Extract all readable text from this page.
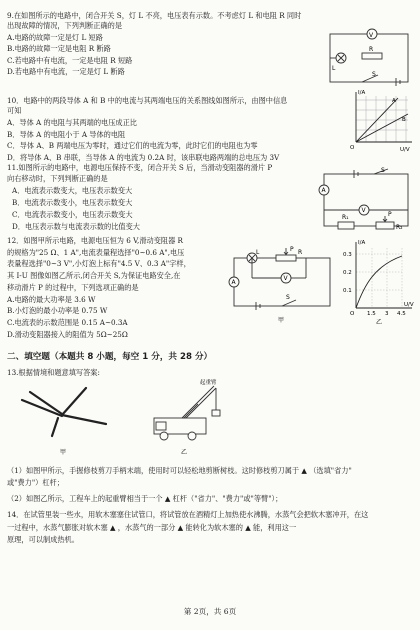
9.在如图所示的电路中，闭合开关 S，灯 L 不亮，电压表有示数。不考虑灯 L 和电阻 R 同时
出现故障的情况，下列判断正确的是
A.电路的故障一定是灯 L 短路
B.电路的故障一定是电阻 R 断路
C.若电路中有电流，一定是电阻 R 短路
D.若电路中有电流，一定是灯 L 断路
V
L
R
S
10．电路中的两段导体 A 和 B 中的电流与其两端电压的关系图线如图所示，由图中信息
可知
A．导体 A 的电阻与其两端的电压成正比
B．导体 A 的电阻小于 A 导体的电阻
C．导体 A、B 两端电压为零时，通过它们的电流为零，此时它们的电阻也为零
D．将导体 A、B 串联，当导体 A 的电流为 0.2A 时，该串联电路两端的总电压为 3V
I/A
U/V
A
B
O
11.如图所示的电路中，电源电压保持不变，闭合开关 S 后，当滑动变阻器的滑片 P
向右移动时，下列判断正确的是
A．电流表示数变大，电压表示数变大
B．电流表示数变小，电压表示数变大
C．电流表示数变小，电压表示数变大
D．电压表示数与电流表示数的比值变大
S
A
V
R₁	P
R₂
12．如图甲所示电路，电源电压恒为 6 V,滑动变阻器 R
的规格为"25 Ω、1 A",电流表量程选择"0~0.6 A",电压
表量程选择"0~3 V",小灯泡上标有"4.5 V、0.3 A"字样，
其 I-U 图像如图乙所示,闭合开关 S,为保证电路安全,在
移动滑片 P 的过程中，下列选项正确的是
A.电路的最大功率是 3.6 W
B.小灯泡的最小功率是 0.75 W
C.电流表的示数范围是 0.15 A~0.3A
D.滑动变阻器接入的阻值为 5Ω~25Ω
L	R
P
V
A
S
甲
I/A
0.3
0.2
0.1
O 1.5 3 4.5
U/V
乙
二、填空题（本题共 8 小题，每空 1 分，共 28 分）
13.根据情境和题意填写答案:
甲
起重臂
乙
（1）如图甲所示，手握修枝剪刀手柄末端，使用时可以轻松地剪断树枝。这时修枝剪刀属于 ▲ （选填"省力"
或"费力"）杠杆；
（2）如图乙所示，工程车上的起重臂相当于一个 ▲ 杠杆（"省力"、"费力"或"等臂"）；
14．在试管里装一些水，用软木塞塞住试管口，将试管放在酒精灯上加热使水沸腾，水蒸气会把软木塞冲开，在这
一过程中，水蒸气膨胀对软木塞 ▲ ，水蒸气的一部分 ▲ 能转化为软木塞的 ▲ 能，利用这一
原理，可以制成热机。
第 2页，共 6页
